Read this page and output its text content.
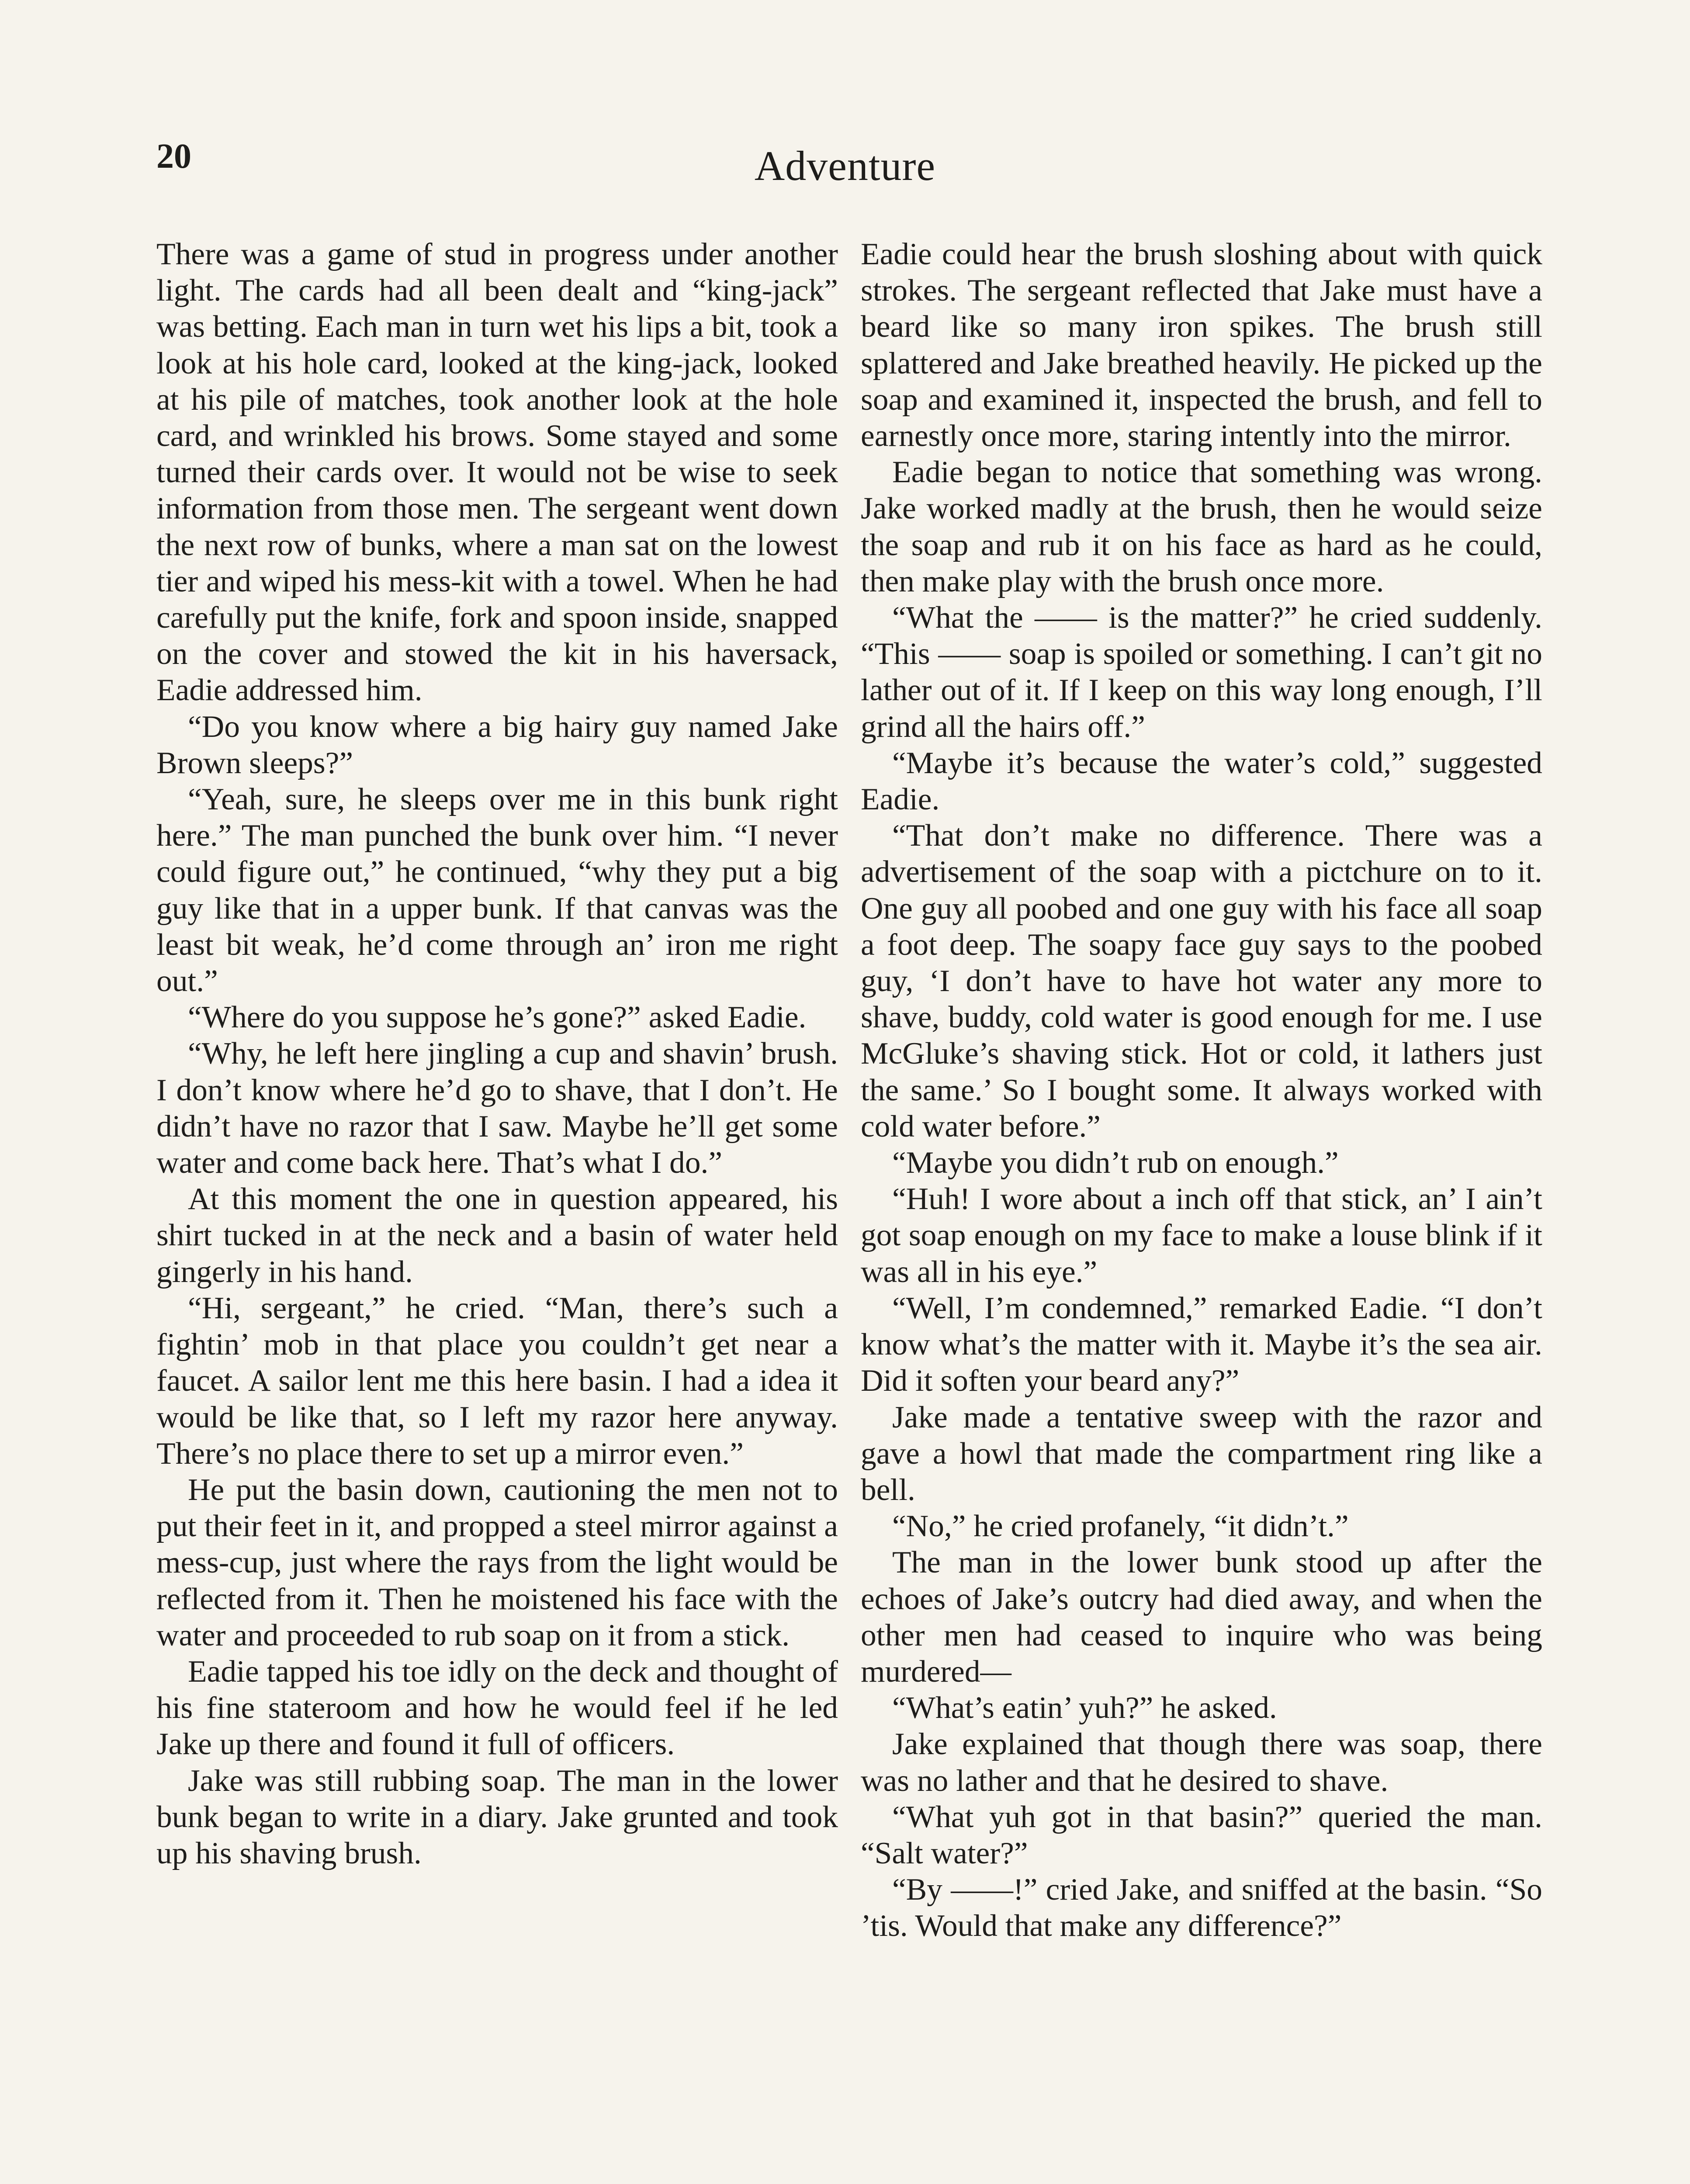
20	Adventure

There was a game of stud in progress under another light. The cards had all been dealt and “king-jack” was betting. Each man in turn wet his lips a bit, took a look at his hole card, looked at the king-jack, looked at his pile of matches, took another look at the hole card, and wrinkled his brows. Some stayed and some turned their cards over. It would not be wise to seek information from those men. The sergeant went down the next row of bunks, where a man sat on the lowest tier and wiped his mess-kit with a towel. When he had carefully put the knife, fork and spoon inside, snapped on the cover and stowed the kit in his haversack, Eadie addressed him.

“Do you know where a big hairy guy named Jake Brown sleeps?”

“Yeah, sure, he sleeps over me in this bunk right here.” The man punched the bunk over him. “I never could figure out,” he continued, “why they put a big guy like that in a upper bunk. If that canvas was the least bit weak, he’d come through an’ iron me right out.”

“Where do you suppose he’s gone?” asked Eadie.

“Why, he left here jingling a cup and shavin’ brush. I don’t know where he’d go to shave, that I don’t. He didn’t have no razor that I saw. Maybe he’ll get some water and come back here. That’s what I do.”

At this moment the one in question appeared, his shirt tucked in at the neck and a basin of water held gingerly in his hand.

“Hi, sergeant,” he cried. “Man, there’s such a fightin’ mob in that place you couldn’t get near a faucet. A sailor lent me this here basin. I had a idea it would be like that, so I left my razor here anyway. There’s no place there to set up a mirror even.”

He put the basin down, cautioning the men not to put their feet in it, and propped a steel mirror against a mess-cup, just where the rays from the light would be reflected from it. Then he moistened his face with the water and proceeded to rub soap on it from a stick.

Eadie tapped his toe idly on the deck and thought of his fine stateroom and how he would feel if he led Jake up there and found it full of officers.

Jake was still rubbing soap. The man in the lower bunk began to write in a diary. Jake grunted and took up his shaving brush.

Eadie could hear the brush sloshing about with quick strokes. The sergeant reflected that Jake must have a beard like so many iron spikes. The brush still splattered and Jake breathed heavily. He picked up the soap and examined it, inspected the brush, and fell to earnestly once more, staring intently into the mirror.

Eadie began to notice that something was wrong. Jake worked madly at the brush, then he would seize the soap and rub it on his face as hard as he could, then make play with the brush once more.

“What the —— is the matter?” he cried suddenly. “This —— soap is spoiled or something. I can’t git no lather out of it. If I keep on this way long enough, I’ll grind all the hairs off.”

“Maybe it’s because the water’s cold,” suggested Eadie.

“That don’t make no difference. There was a advertisement of the soap with a pictchure on to it. One guy all poobed and one guy with his face all soap a foot deep. The soapy face guy says to the poobed guy, ‘I don’t have to have hot water any more to shave, buddy, cold water is good enough for me. I use McGluke’s shaving stick. Hot or cold, it lathers just the same.’ So I bought some. It always worked with cold water before.”

“Maybe you didn’t rub on enough.”

“Huh! I wore about a inch off that stick, an’ I ain’t got soap enough on my face to make a louse blink if it was all in his eye.”

“Well, I’m condemned,” remarked Eadie. “I don’t know what’s the matter with it. Maybe it’s the sea air. Did it soften your beard any?”

Jake made a tentative sweep with the razor and gave a howl that made the compartment ring like a bell.

“No,” he cried profanely, “it didn’t.”

The man in the lower bunk stood up after the echoes of Jake’s outcry had died away, and when the other men had ceased to inquire who was being murdered—

“What’s eatin’ yuh?” he asked.

Jake explained that though there was soap, there was no lather and that he desired to shave.

“What yuh got in that basin?” queried the man. “Salt water?”

“By ——!” cried Jake, and sniffed at the basin. “So ’tis. Would that make any difference?”
